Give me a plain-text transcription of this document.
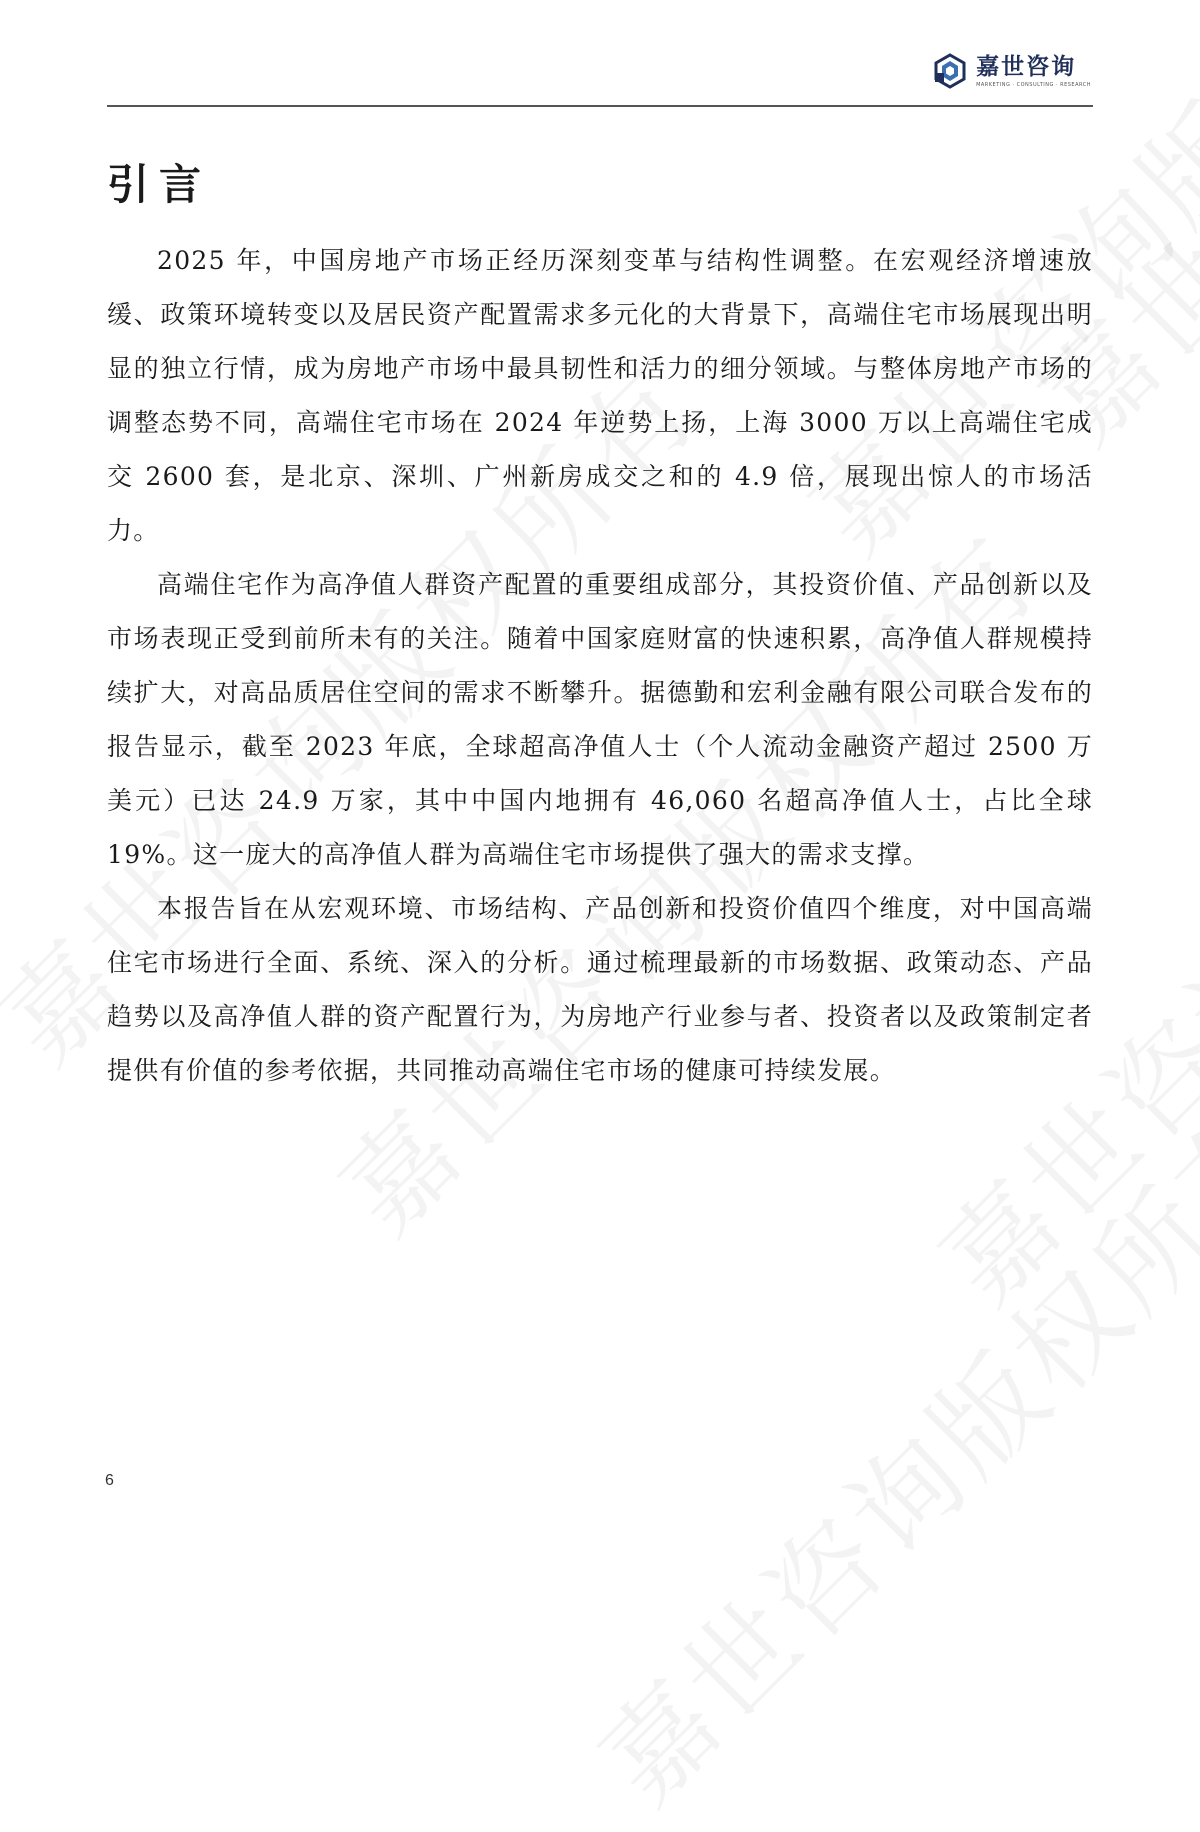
嘉世咨询
MARKETING · CONSULTING · RESEARCH
引言

2025 年，中国房地产市场正经历深刻变革与结构性调整。在宏观经济增速放缓、政策环境转变以及居民资产配置需求多元化的大背景下，高端住宅市场展现出明显的独立行情，成为房地产市场中最具韧性和活力的细分领域。与整体房地产市场的调整态势不同，高端住宅市场在 2024 年逆势上扬，上海 3000 万以上高端住宅成交 2600 套，是北京、深圳、广州新房成交之和的 4.9 倍，展现出惊人的市场活力。

高端住宅作为高净值人群资产配置的重要组成部分，其投资价值、产品创新以及市场表现正受到前所未有的关注。随着中国家庭财富的快速积累，高净值人群规模持续扩大，对高品质居住空间的需求不断攀升。据德勤和宏利金融有限公司联合发布的报告显示，截至 2023 年底，全球超高净值人士（个人流动金融资产超过 2500 万美元）已达 24.9 万家，其中中国内地拥有 46,060 名超高净值人士，占比全球 19%。这一庞大的高净值人群为高端住宅市场提供了强大的需求支撑。

本报告旨在从宏观环境、市场结构、产品创新和投资价值四个维度，对中国高端住宅市场进行全面、系统、深入的分析。通过梳理最新的市场数据、政策动态、产品趋势以及高净值人群的资产配置行为，为房地产行业参与者、投资者以及政策制定者提供有价值的参考依据，共同推动高端住宅市场的健康可持续发展。

6
